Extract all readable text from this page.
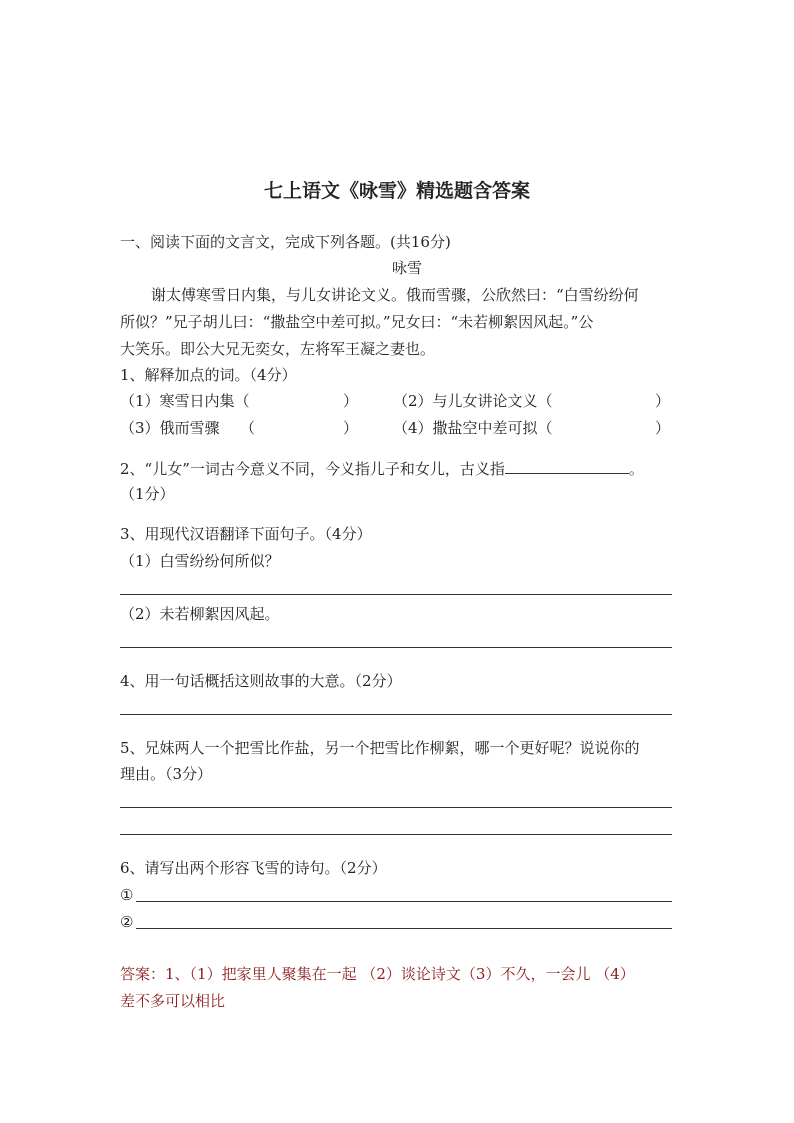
七上语文《咏雪》精选题含答案
一、阅读下面的文言文，完成下列各题。(共16分)
咏雪
谢太傅寒雪日内集，与儿女讲论文义。俄而雪骤，公欣然曰：“白雪纷纷何
所似？”兄子胡儿曰：“撒盐空中差可拟。”兄女曰：“未若柳絮因风起。”公
大笑乐。即公大兄无奕女，左将军王凝之妻也。
1、解释加点的词。（4分）
（1）寒雪日内集（	） （2）与儿女讲论文义（	）
（3）俄而雪骤 （	） （4）撒盐空中差可拟（	）
2、“儿女”一词古今意义不同，今义指儿子和女儿，古义指	。
（1分）
3、用现代汉语翻译下面句子。（4分）
（1）白雪纷纷何所似？
（2）未若柳絮因风起。
4、用一句话概括这则故事的大意。（2分）
5、兄妹两人一个把雪比作盐，另一个把雪比作柳絮，哪一个更好呢？说说你的
理由。（3分）
6、请写出两个形容飞雪的诗句。（2分）
①
②
答案：1、（1）把家里人聚集在一起 （2）谈论诗文（3）不久，一会儿 （4）
差不多可以相比
